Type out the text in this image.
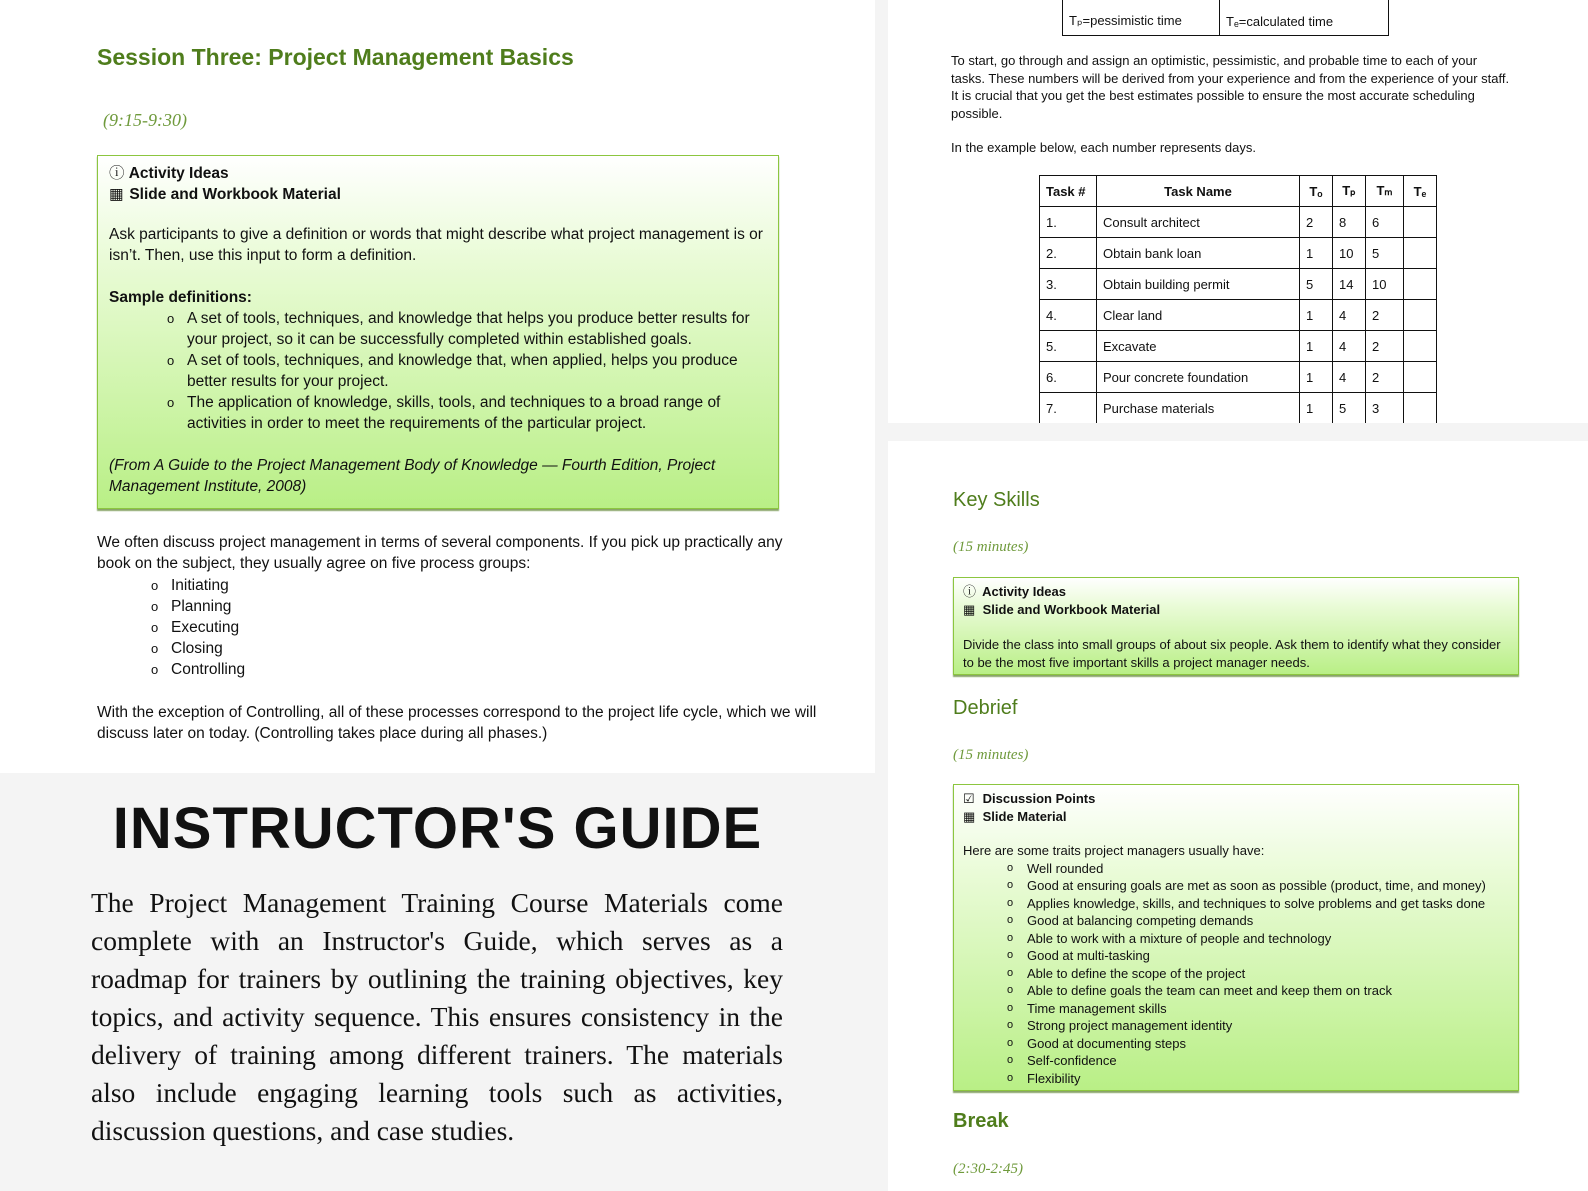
Session Three: Project Management Basics
(9:15-9:30)
ⓘ Activity Ideas
▦ Slide and Workbook Material

Ask participants to give a definition or words that might describe what project management is or isn’t. Then, use this input to form a definition.

Sample definitions:

o A set of tools, techniques, and knowledge that helps you produce better results for your project, so it can be successfully completed within established goals.
o A set of tools, techniques, and knowledge that, when applied, helps you produce better results for your project.
o The application of knowledge, skills, tools, and techniques to a broad range of activities in order to meet the requirements of the particular project.

(From A Guide to the Project Management Body of Knowledge — Fourth Edition, Project Management Institute, 2008)

We often discuss project management in terms of several components. If you pick up practically any book on the subject, they usually agree on five process groups:
o Initiating
o Planning
o Executing
o Closing
o Controlling
With the exception of Controlling, all of these processes correspond to the project life cycle, which we will discuss later on today. (Controlling takes place during all phases.)
Tₚ=pessimistic time	Tₑ=calculated time

To start, go through and assign an optimistic, pessimistic, and probable time to each of your tasks. These numbers will be derived from your experience and from the experience of your staff. It is crucial that you get the best estimates possible to ensure the most accurate scheduling possible.

In the example below, each number represents days.

Task #	Task Name	Tₒ	Tₚ	Tₘ	Tₑ
1.	Consult architect	2	8	6	
2.	Obtain bank loan	1	10	5	
3.	Obtain building permit	5	14	10	
4.	Clear land	1	4	2	
5.	Excavate	1	4	2	
6.	Pour concrete foundation	1	4	2	
7.	Purchase materials	1	5	3	
Key Skills
(15 minutes)
ⓘ Activity Ideas
▦ Slide and Workbook Material

Divide the class into small groups of about six people. Ask them to identify what they consider to be the most five important skills a project manager needs.

Debrief
(15 minutes)
☑ Discussion Points
▦ Slide Material

Here are some traits project managers usually have:

o Well rounded
o Good at ensuring goals are met as soon as possible (product, time, and money)
o Applies knowledge, skills, and techniques to solve problems and get tasks done
o Good at balancing competing demands
o Able to work with a mixture of people and technology
o Good at multi-tasking
o Able to define the scope of the project
o Able to define goals the team can meet and keep them on track
o Time management skills
o Strong project management identity
o Good at documenting steps
o Self-confidence
o Flexibility
Break
(2:30-2:45)
INSTRUCTOR'S GUIDE

The Project Management Training Course Materials come complete with an Instructor's Guide, which serves as a roadmap for trainers by outlining the training objectives, key topics, and activity sequence. This ensures consistency in the delivery of training among different trainers. The materials also include engaging learning tools such as activities, discussion questions, and case studies.
